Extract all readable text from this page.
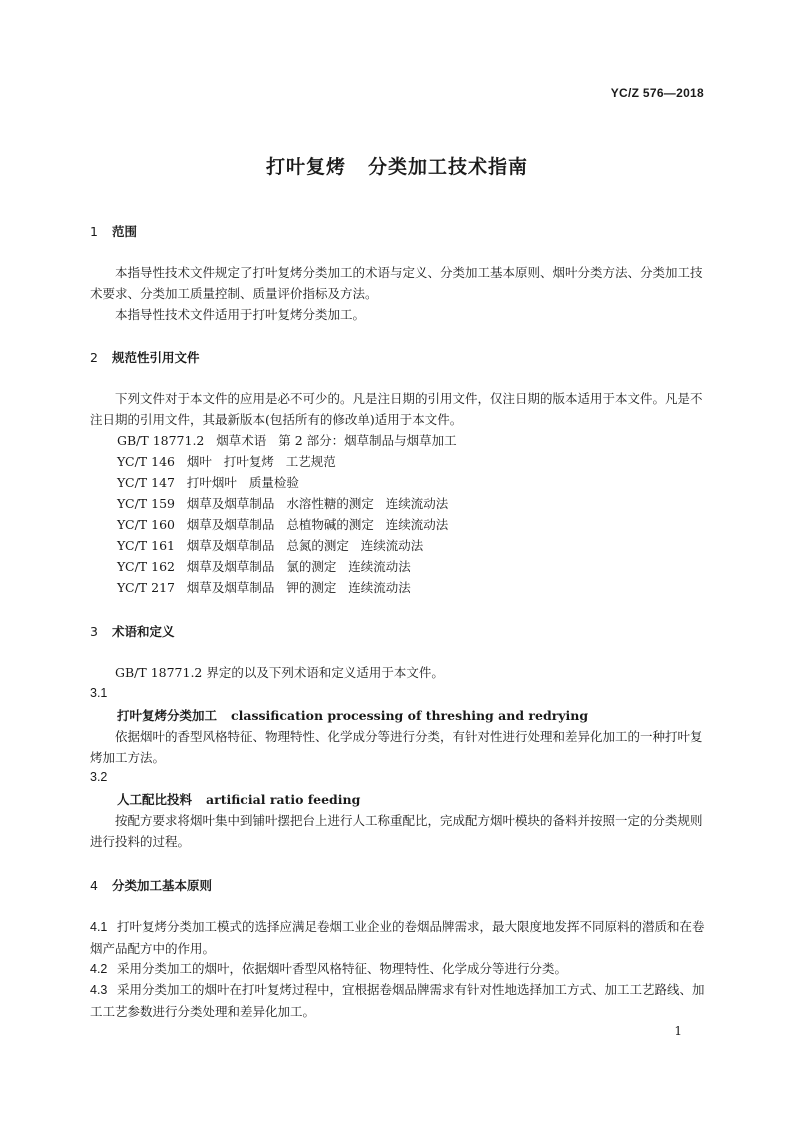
YC/Z 576—2018
打叶复烤 分类加工技术指南
1 范围
本指导性技术文件规定了打叶复烤分类加工的术语与定义、分类加工基本原则、烟叶分类方法、分类加工技术要求、分类加工质量控制、质量评价指标及方法。
本指导性技术文件适用于打叶复烤分类加工。
2 规范性引用文件
下列文件对于本文件的应用是必不可少的。凡是注日期的引用文件，仅注日期的版本适用于本文件。凡是不注日期的引用文件，其最新版本(包括所有的修改单)适用于本文件。
GB/T 18771.2   烟草术语   第 2 部分：烟草制品与烟草加工
YC/T 146   烟叶   打叶复烤   工艺规范
YC/T 147   打叶烟叶   质量检验
YC/T 159   烟草及烟草制品   水溶性糖的测定   连续流动法
YC/T 160   烟草及烟草制品   总植物碱的测定   连续流动法
YC/T 161   烟草及烟草制品   总氮的测定   连续流动法
YC/T 162   烟草及烟草制品   氯的测定   连续流动法
YC/T 217   烟草及烟草制品   钾的测定   连续流动法
3 术语和定义
GB/T 18771.2 界定的以及下列术语和定义适用于本文件。
3.1
打叶复烤分类加工 classification processing of threshing and redrying
依据烟叶的香型风格特征、物理特性、化学成分等进行分类，有针对性进行处理和差异化加工的一种打叶复烤加工方法。
3.2
人工配比投料 artificial ratio feeding
按配方要求将烟叶集中到铺叶摆把台上进行人工称重配比，完成配方烟叶模块的备料并按照一定的分类规则进行投料的过程。
4 分类加工基本原则
4.1 打叶复烤分类加工模式的选择应满足卷烟工业企业的卷烟品牌需求，最大限度地发挥不同原料的潜质和在卷烟产品配方中的作用。
4.2 采用分类加工的烟叶，依据烟叶香型风格特征、物理特性、化学成分等进行分类。
4.3 采用分类加工的烟叶在打叶复烤过程中，宜根据卷烟品牌需求有针对性地选择加工方式、加工工艺路线、加工工艺参数进行分类处理和差异化加工。
1
